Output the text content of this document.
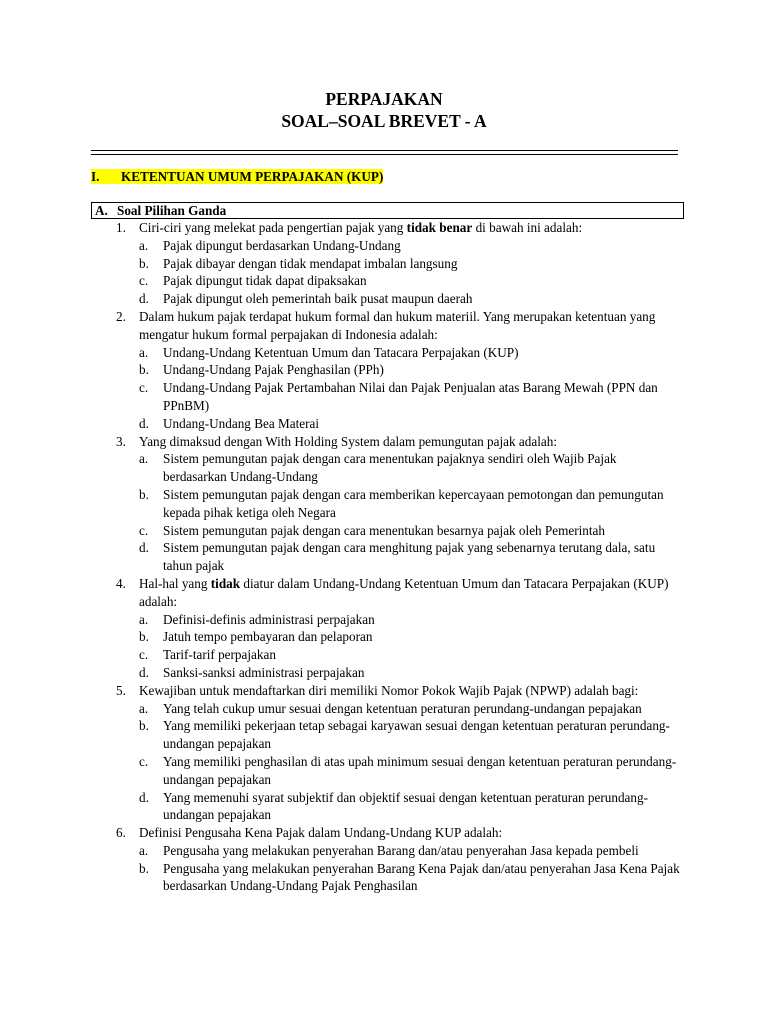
PERPAJAKAN
SOAL–SOAL BREVET - A
I. KETENTUAN UMUM PERPAJAKAN (KUP)
A. Soal Pilihan Ganda
1. Ciri-ciri yang melekat pada pengertian pajak yang tidak benar di bawah ini adalah:
a. Pajak dipungut berdasarkan Undang-Undang
b. Pajak dibayar dengan tidak mendapat imbalan langsung
c. Pajak dipungut tidak dapat dipaksakan
d. Pajak dipungut oleh pemerintah baik pusat maupun daerah
2. Dalam hukum pajak terdapat hukum formal dan hukum materiil. Yang merupakan ketentuan yang mengatur hukum formal perpajakan di Indonesia adalah:
a. Undang-Undang Ketentuan Umum dan Tatacara Perpajakan (KUP)
b. Undang-Undang Pajak Penghasilan (PPh)
c. Undang-Undang Pajak Pertambahan Nilai dan Pajak Penjualan atas Barang Mewah (PPN dan PPnBM)
d. Undang-Undang Bea Materai
3. Yang dimaksud dengan With Holding System dalam pemungutan pajak adalah:
a. Sistem pemungutan pajak dengan cara menentukan pajaknya sendiri oleh Wajib Pajak berdasarkan Undang-Undang
b. Sistem pemungutan pajak dengan cara memberikan kepercayaan pemotongan dan pemungutan kepada pihak ketiga oleh Negara
c. Sistem pemungutan pajak dengan cara menentukan besarnya pajak oleh Pemerintah
d. Sistem pemungutan pajak dengan cara menghitung pajak yang sebenarnya terutang dala, satu tahun pajak
4. Hal-hal yang tidak diatur dalam Undang-Undang Ketentuan Umum dan Tatacara Perpajakan (KUP) adalah:
a. Definisi-definis administrasi perpajakan
b. Jatuh tempo pembayaran dan pelaporan
c. Tarif-tarif perpajakan
d. Sanksi-sanksi administrasi perpajakan
5. Kewajiban untuk mendaftarkan diri memiliki Nomor Pokok Wajib Pajak (NPWP) adalah bagi:
a. Yang telah cukup umur sesuai dengan ketentuan peraturan perundang-undangan pepajakan
b. Yang memiliki pekerjaan tetap sebagai karyawan sesuai dengan ketentuan peraturan perundang-undangan pepajakan
c. Yang memiliki penghasilan di atas upah minimum sesuai dengan ketentuan peraturan perundang-undangan pepajakan
d. Yang memenuhi syarat subjektif dan objektif sesuai dengan ketentuan peraturan perundang-undangan pepajakan
6. Definisi Pengusaha Kena Pajak dalam Undang-Undang KUP adalah:
a. Pengusaha yang melakukan penyerahan Barang dan/atau penyerahan Jasa kepada pembeli
b. Pengusaha yang melakukan penyerahan Barang Kena Pajak dan/atau penyerahan Jasa Kena Pajak berdasarkan Undang-Undang Pajak Penghasilan
